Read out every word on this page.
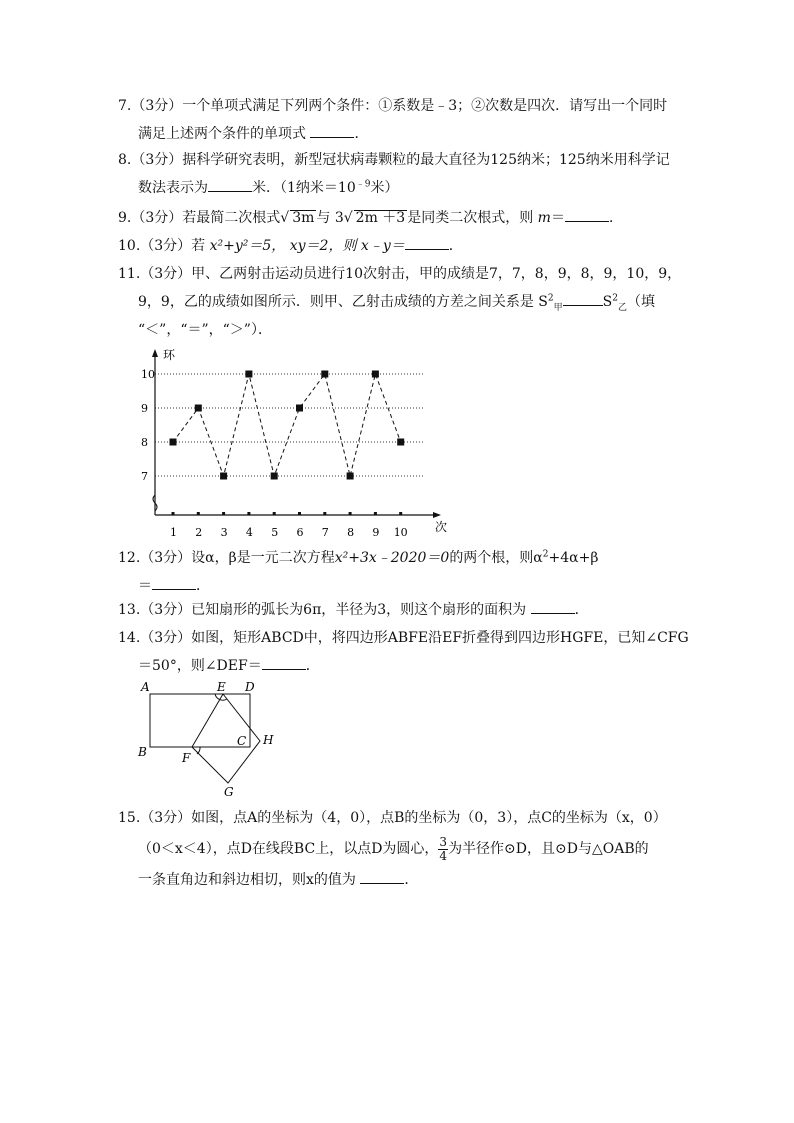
7.（3分）一个单项式满足下列两个条件：①系数是﹣3；②次数是四次．请写出一个同时
满足上述两个条件的单项式	．
8.（3分）据科学研究表明，新型冠状病毒颗粒的最大直径为125纳米；125纳米用科学记
数法表示为	米．（1纳米$=10^{﹣9}$米）
9.（3分）若最简二次根式√ 3m 与 3√ 2m ＋3 是同类二次根式，则 m＝	．
10.（3分）若 x²+y²＝5， xy＝2，则 x﹣y＝	．
11.（3分）甲、乙两射击运动员进行10次射击，甲的成绩是7，7，8，9，8，9，10，9，
9，9，乙的成绩如图所示．则甲、乙射击成绩的方差之间关系是 $S^2_甲$	$S^2_乙$（填
“＜”，“＝”，“＞”）．
环
次
7
8
9
10
1 2 3 4 5 6 7 8 9 10
12.（3分）设α，β是一元二次方程x²+3x﹣2020＝0的两个根，则$\alpha^2+4\alpha+\beta$
＝	．
13.（3分）已知扇形的弧长为6π，半径为3，则这个扇形的面积为	．
14.（3分）如图，矩形ABCD中，将四边形ABFE沿EF折叠得到四边形HGFE，已知∠CFG
＝50°，则∠DEF＝	．
A	E D
B
C H
F
G
15.（3分）如图，点A的坐标为（4，0），点B的坐标为（0，3），点C的坐标为（x，0）
（0＜x＜4），点D在线段BC上，以点D为圆心， $\frac{3}{4}$ 为半径作⊙D，且⊙D与△OAB的
一条直角边和斜边相切，则x的值为	．
